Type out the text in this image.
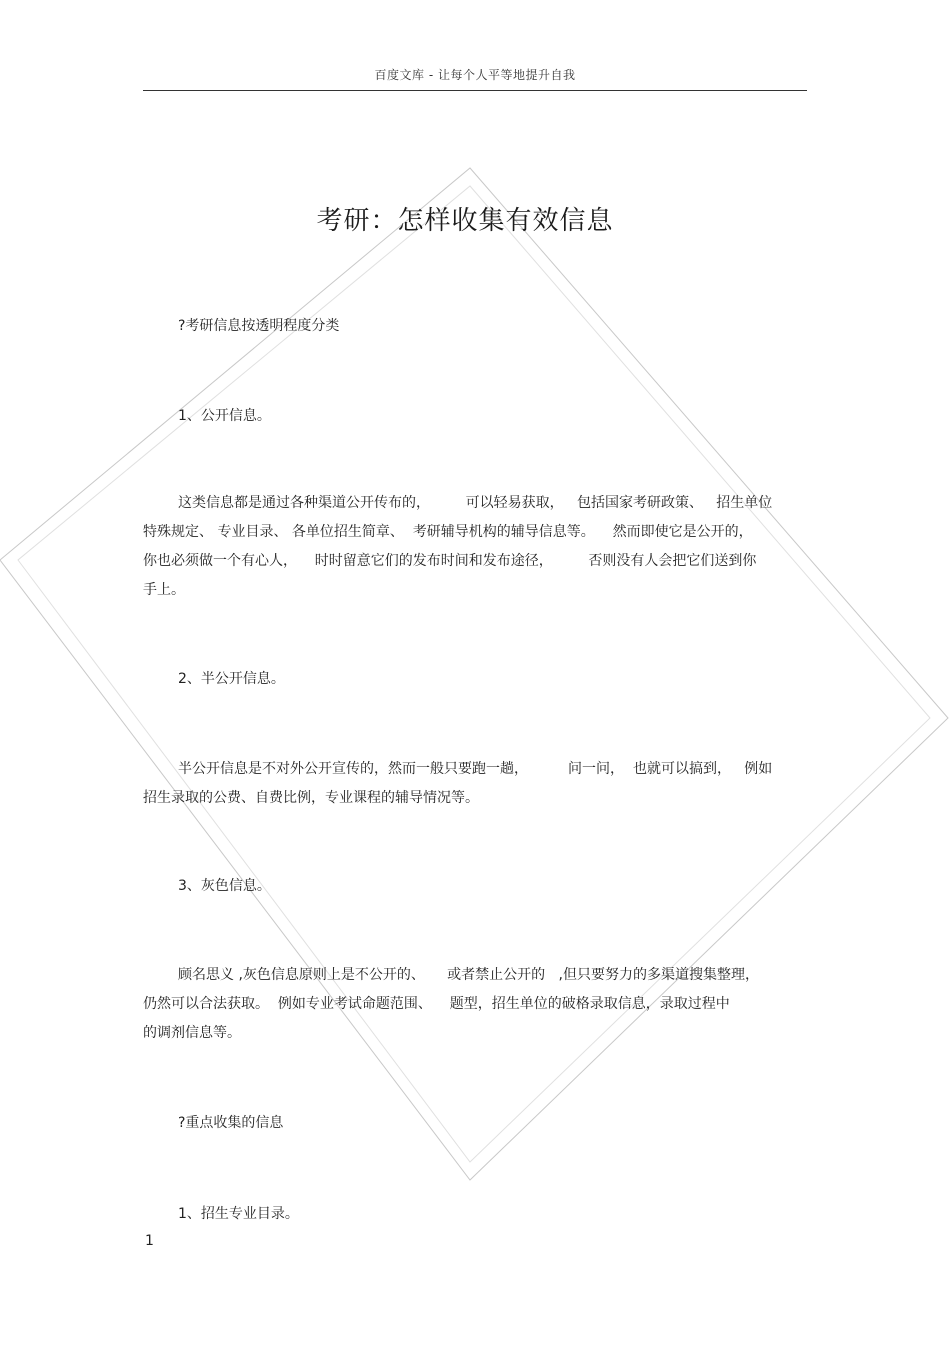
百度文库 - 让每个人平等地提升自我
考研：怎样收集有效信息
?考研信息按透明程度分类
1、公开信息。
这类信息都是通过各种渠道公开传布的，        可以轻易获取，   包括国家考研政策、   招生单位
特殊规定、 专业目录、 各单位招生简章、  考研辅导机构的辅导信息等。    然而即使它是公开的，
你也必须做一个有心人，    时时留意它们的发布时间和发布途径，        否则没有人会把它们送到你
手上。
2、半公开信息。
半公开信息是不对外公开宣传的，然而一般只要跑一趟，         问一问，  也就可以搞到，   例如
招生录取的公费、自费比例，专业课程的辅导情况等。
3、灰色信息。
顾名思义 ,灰色信息原则上是不公开的、     或者禁止公开的   ,但只要努力的多渠道搜集整理，
仍然可以合法获取。  例如专业考试命题范围、    题型，招生单位的破格录取信息，录取过程中
的调剂信息等。
?重点收集的信息
1、招生专业目录。
1
